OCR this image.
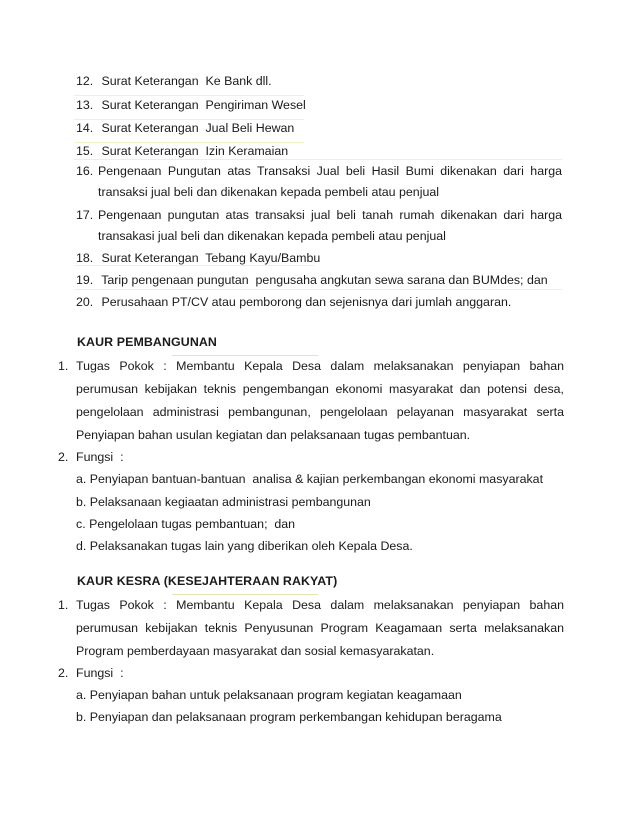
12. Surat Keterangan  Ke Bank dll.
13. Surat Keterangan  Pengiriman Wesel
14. Surat Keterangan  Jual Beli Hewan
15. Surat Keterangan  Izin Keramaian
16. Pengenaan Pungutan atas Transaksi Jual beli Hasil Bumi dikenakan dari harga
transaksi jual beli dan dikenakan kepada pembeli atau penjual
17. Pengenaan pungutan atas transaksi jual beli tanah rumah dikenakan dari harga
transakasi jual beli dan dikenakan kepada pembeli atau penjual
18. Surat Keterangan  Tebang Kayu/Bambu
19. Tarip pengenaan pungutan  pengusaha angkutan sewa sarana dan BUMdes; dan
20. Perusahaan PT/CV atau pemborong dan sejenisnya dari jumlah anggaran.
KAUR PEMBANGUNAN
1. Tugas Pokok : Membantu Kepala Desa dalam melaksanakan penyiapan bahan
perumusan kebijakan teknis pengembangan ekonomi masyarakat dan potensi desa,
pengelolaan administrasi pembangunan, pengelolaan pelayanan masyarakat serta
Penyiapan bahan usulan kegiatan dan pelaksanaan tugas pembantuan.
2. Fungsi  :
a. Penyiapan bantuan-bantuan  analisa & kajian perkembangan ekonomi masyarakat
b. Pelaksanaan kegiaatan administrasi pembangunan
c. Pengelolaan tugas pembantuan;  dan
d. Pelaksanakan tugas lain yang diberikan oleh Kepala Desa.
KAUR KESRA (KESEJAHTERAAN RAKYAT)
1. Tugas Pokok : Membantu Kepala Desa dalam melaksanakan penyiapan bahan
perumusan kebijakan teknis Penyusunan Program Keagamaan serta melaksanakan
Program pemberdayaan masyarakat dan sosial kemasyarakatan.
2. Fungsi  :
a. Penyiapan bahan untuk pelaksanaan program kegiatan keagamaan
b. Penyiapan dan pelaksanaan program perkembangan kehidupan beragama
